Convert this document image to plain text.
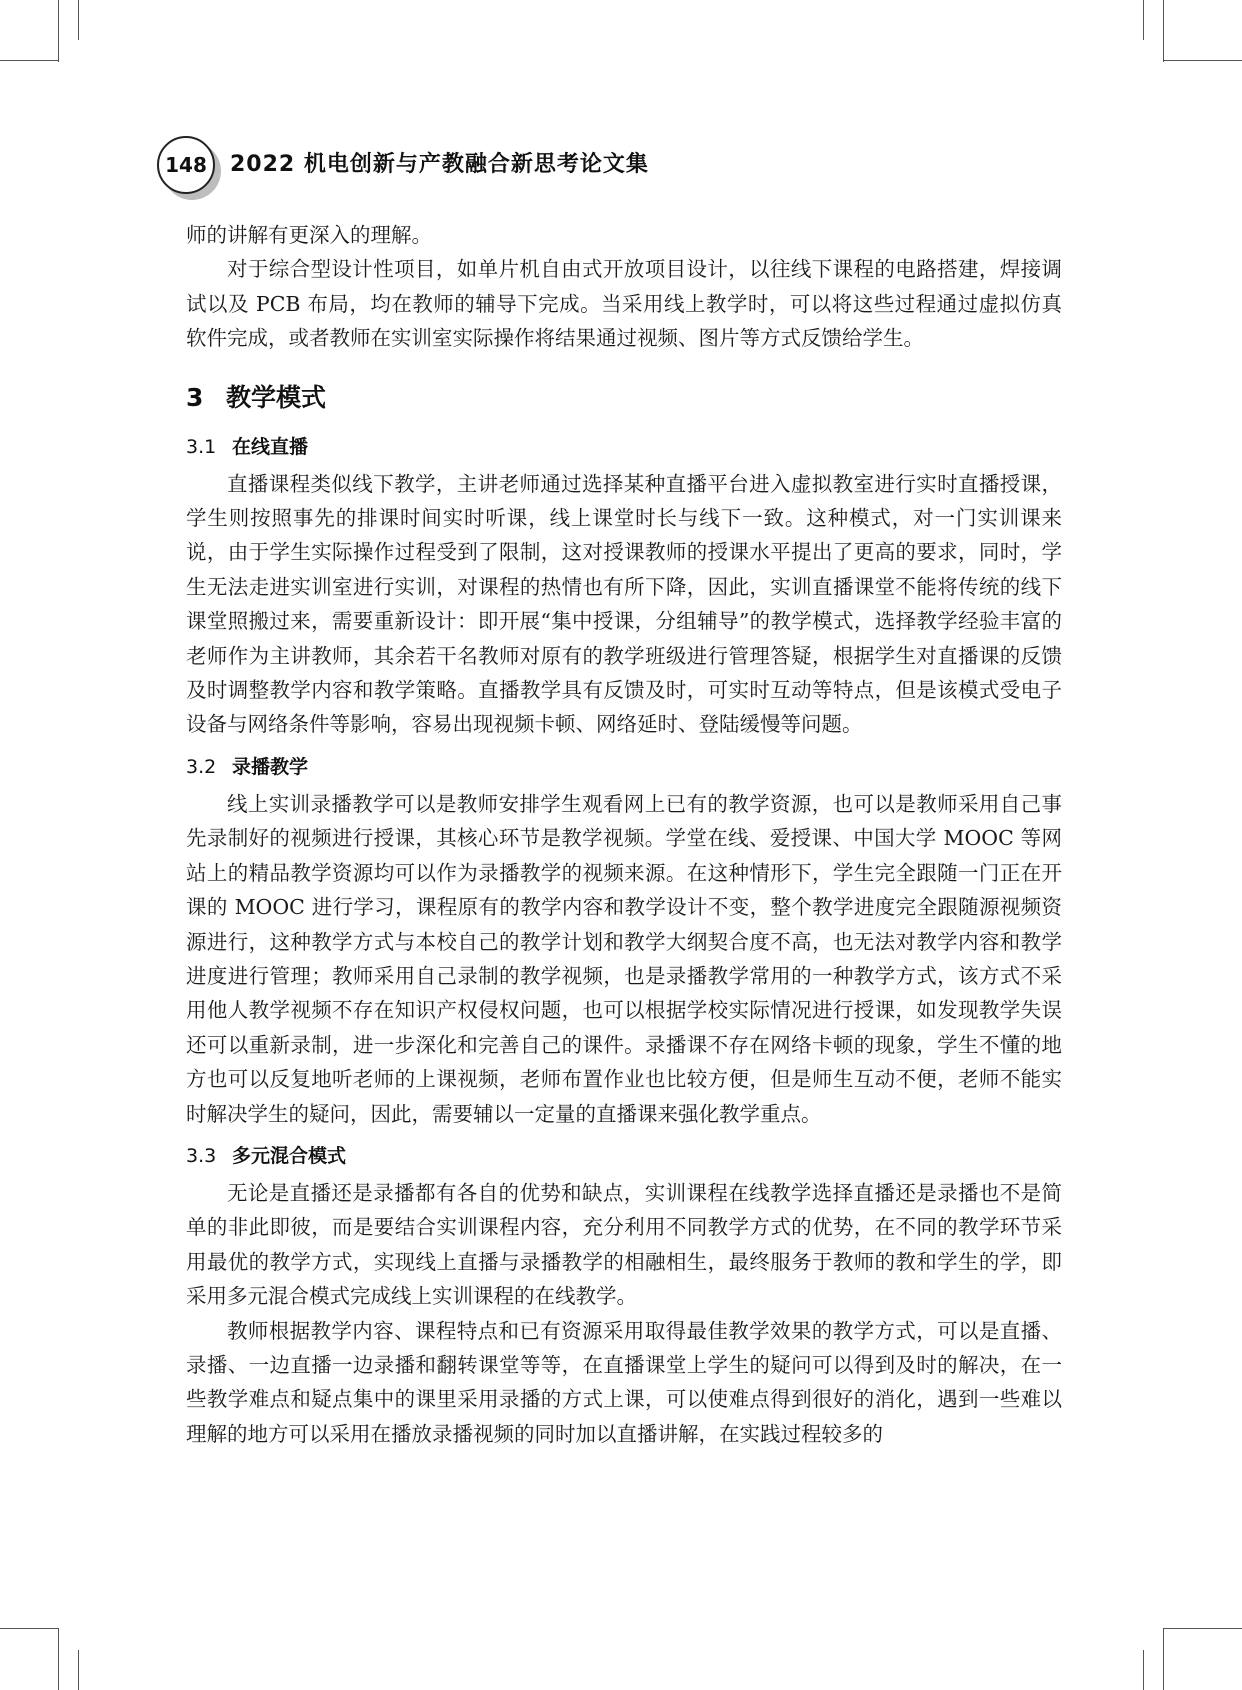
148 2022 机电创新与产教融合新思考论文集

师的讲解有更深入的理解。

对于综合型设计性项目，如单片机自由式开放项目设计，以往线下课程的电路搭建，焊接调试以及 PCB 布局，均在教师的辅导下完成。当采用线上教学时，可以将这些过程通过虚拟仿真软件完成，或者教师在实训室实际操作将结果通过视频、图片等方式反馈给学生。

3 教学模式
3.1 在线直播

直播课程类似线下教学，主讲老师通过选择某种直播平台进入虚拟教室进行实时直播授课，学生则按照事先的排课时间实时听课，线上课堂时长与线下一致。这种模式，对一门实训课来说，由于学生实际操作过程受到了限制，这对授课教师的授课水平提出了更高的要求，同时，学生无法走进实训室进行实训，对课程的热情也有所下降，因此，实训直播课堂不能将传统的线下课堂照搬过来，需要重新设计：即开展“集中授课，分组辅导”的教学模式，选择教学经验丰富的老师作为主讲教师，其余若干名教师对原有的教学班级进行管理答疑，根据学生对直播课的反馈及时调整教学内容和教学策略。直播教学具有反馈及时，可实时互动等特点，但是该模式受电子设备与网络条件等影响，容易出现视频卡顿、网络延时、登陆缓慢等问题。

3.2 录播教学

线上实训录播教学可以是教师安排学生观看网上已有的教学资源，也可以是教师采用自己事先录制好的视频进行授课，其核心环节是教学视频。学堂在线、爱授课、中国大学 MOOC 等网站上的精品教学资源均可以作为录播教学的视频来源。在这种情形下，学生完全跟随一门正在开课的 MOOC 进行学习，课程原有的教学内容和教学设计不变，整个教学进度完全跟随源视频资源进行，这种教学方式与本校自己的教学计划和教学大纲契合度不高，也无法对教学内容和教学进度进行管理；教师采用自己录制的教学视频，也是录播教学常用的一种教学方式，该方式不采用他人教学视频不存在知识产权侵权问题，也可以根据学校实际情况进行授课，如发现教学失误还可以重新录制，进一步深化和完善自己的课件。录播课不存在网络卡顿的现象，学生不懂的地方也可以反复地听老师的上课视频，老师布置作业也比较方便，但是师生互动不便，老师不能实时解决学生的疑问，因此，需要辅以一定量的直播课来强化教学重点。

3.3 多元混合模式

无论是直播还是录播都有各自的优势和缺点，实训课程在线教学选择直播还是录播也不是简单的非此即彼，而是要结合实训课程内容，充分利用不同教学方式的优势，在不同的教学环节采用最优的教学方式，实现线上直播与录播教学的相融相生，最终服务于教师的教和学生的学，即采用多元混合模式完成线上实训课程的在线教学。

教师根据教学内容、课程特点和已有资源采用取得最佳教学效果的教学方式，可以是直播、录播、一边直播一边录播和翻转课堂等等，在直播课堂上学生的疑问可以得到及时的解决，在一些教学难点和疑点集中的课里采用录播的方式上课，可以使难点得到很好的消化，遇到一些难以理解的地方可以采用在播放录播视频的同时加以直播讲解，在实践过程较多的
